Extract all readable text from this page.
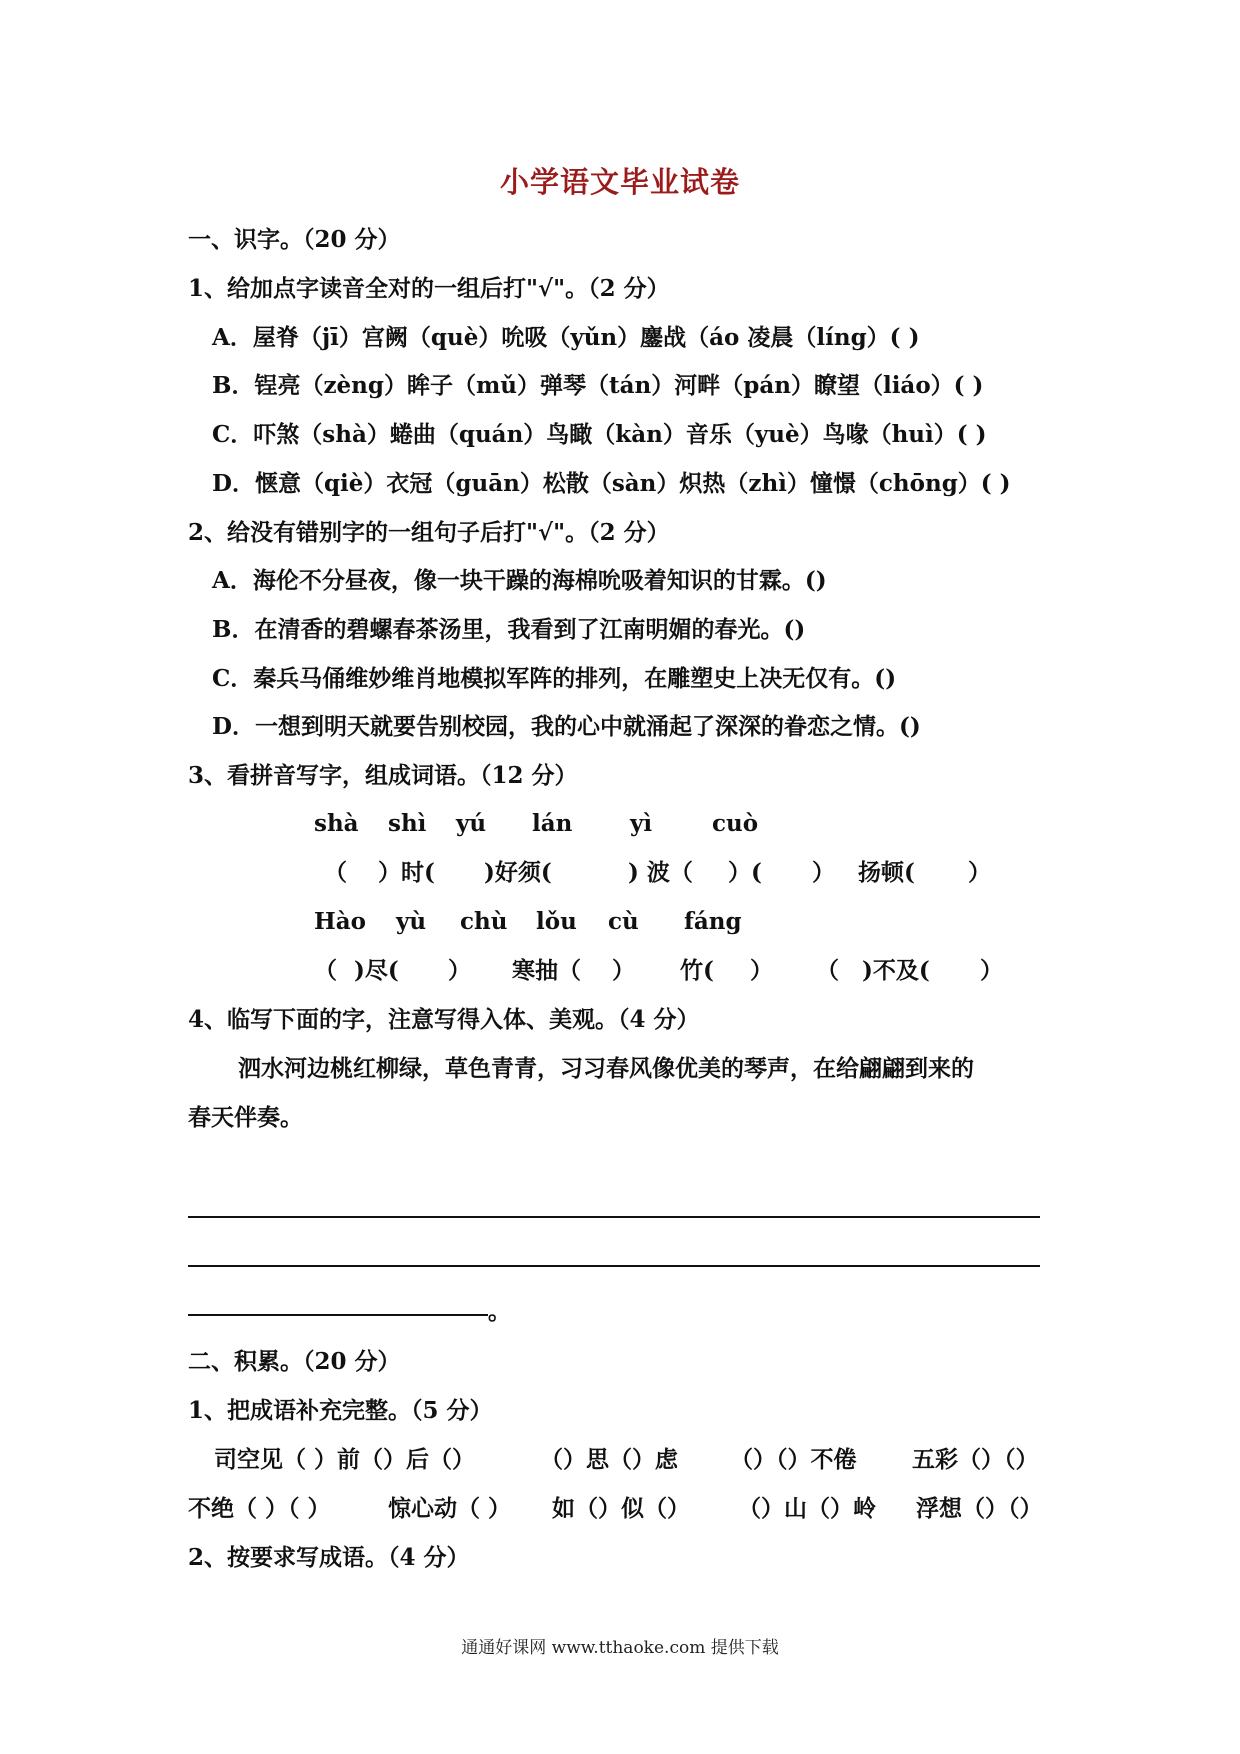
小学语文毕业试卷
一、识字。（20 分）
1、给加点字读音全对的一组后打"√"。（2 分）
A．屋脊（jī）宫阙（què）吮吸（yǔn）鏖战（áo 凌晨（líng）( )
B．锃亮（zèng）眸子（mǔ）弹琴（tán）河畔（pán）瞭望（liáo）( )
C．吓煞（shà）蜷曲（quán）鸟瞰（kàn）音乐（yuè）鸟喙（huì）( )
D．惬意（qiè）衣冠（guān）松散（sàn）炽热（zhì）憧憬（chōng）( )
2、给没有错别字的一组句子后打"√"。（2 分）
A．海伦不分昼夜，像一块干躁的海棉吮吸着知识的甘霖。()
B．在清香的碧螺春茶汤里，我看到了江南明媚的春光。()
C．秦兵马俑维妙维肖地模拟军阵的排列，在雕塑史上决无仅有。()
D．一想到明天就要告别校园，我的心中就涌起了深深的眷恋之情。()
3、看拼音写字，组成词语。（12 分）
shà shì yú lán	yì	cuò
（ ）时( )好须(	) 波（ ）( ） 扬顿( ）
Hào yù chù lǒu cù fáng
（ )尽( ） 寒抽（ ） 竹( ） （ )不及( ）
4、临写下面的字，注意写得入体、美观。（4 分）
泗水河边桃红柳绿，草色青青，习习春风像优美的琴声，在给翩翩到来的
春天伴奏。
。
二、积累。（20 分）
1、把成语补充完整。（5 分）
司空见（ ）前（）后（）	（）思（）虑 （）（）不倦 五彩（）（）
不绝（ ）（ ） 惊心动（ ） 如（）似（） （）山（）岭 浮想（）（）
2、按要求写成语。（4 分）
通通好课网 www.tthaoke.com 提供下载
